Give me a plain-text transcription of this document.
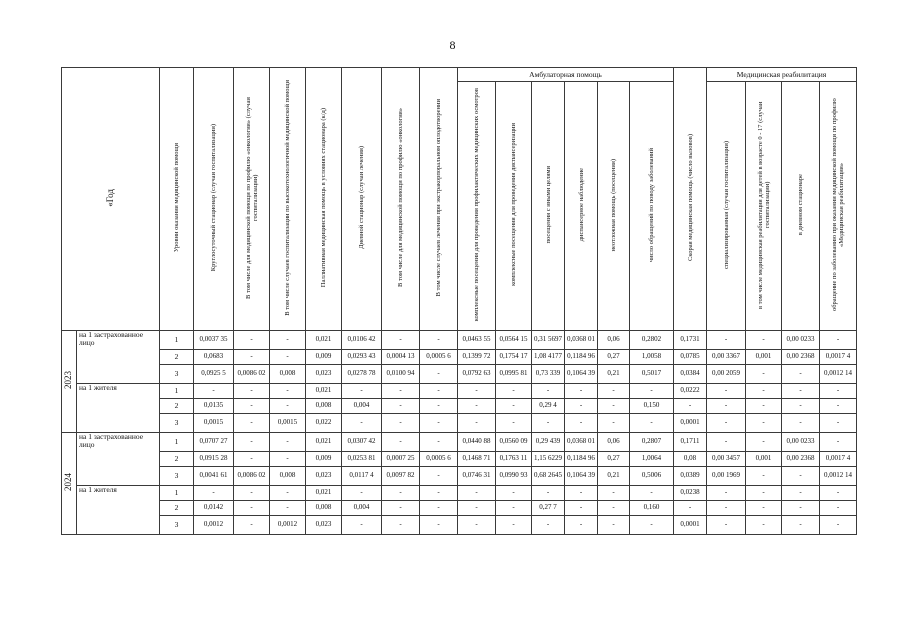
8
«Год		Уровни оказания медицинской помощи	Круглосуточный стационар (случаи госпитализации)	В том числе для медицинской помощи по профилю «онкология» (случаи госпитализации)	В том числе случаев госпитализации по высокотехнологичной медицинской помощи	Паллиативная медицинская помощь в условиях стационара (к/д)	Дневной стационар (случаи лечения)	В том числе для медицинской помощи по профилю «онкология»	В том числе случаев лечения при экстракорпоральном оплодотворении	Амбулаторная помощь						Скорая медицинская помощь (число вызовов)	Медицинская реабилитация			
										комплексные посещения для проведения профилактических медицинских осмотров	комплексные посещения для проведения диспансеризации	посещения с иными целями	диспансерное наблюдение	неотложная помощь (посещения)	число обращений по поводу заболеваний		специализированная (случаи госпитализации)	в том числе медицинская реабилитация для детей в возрасте 0 - 17 (случаи госпитализации)	в дневном стационаре	обращение по заболеванию при оказании медицинской помощи по профилю «Медицинская реабилитация»
2023	на 1 застрахованное лицо	1	0,0037 35	-	-	0,021	0,0106 42	-	-	0,0463 55	0,0564 15	0,31 5697	0,0368 01	0,06	0,2802	0,1731	-	-	0,00 0233	-
		2	0,0683	-	-	0,009	0,0293 43	0,0004 13	0,0005 6	0,1399 72	0,1754 17	1,08 4177	0,1184 96	0,27	1,0058	0,0785	0,00 3367	0,001	0,00 2368	0,0017 4
		3	0,0925 5	0,0086 02	0,008	0,023	0,0278 78	0,0100 94	-	0,0792 63	0,0995 81	0,73 339	0,1064 39	0,21	0,5017	0,0384	0,00 2059	-	-	0,0012 14
	на 1 жителя	1	-	-	-	0,021	-	-	-	-	-	-	-	-	-	0,0222	-	-	-	-
		2	0,0135	-	-	0,008	0,004	-	-	-	-	0,29 4	-	-	0,150	-	-	-	-	-
		3	0,0015	-	0,0015	0,022	-	-	-	-	-	-	-	-	-	0,0001	-	-	-	-
2024	на 1 застрахованное лицо	1	0,0707 27	-	-	0,021	0,0307 42	-	-	0,0440 88	0,0560 09	0,29 439	0,0368 01	0,06	0,2807	0,1711	-	-	0,00 0233	-
		2	0,0915 28	-	-	0,009	0,0253 81	0,0007 25	0,0005 6	0,1468 71	0,1763 11	1,15 6229	0,1184 96	0,27	1,0064	0,08	0,00 3457	0,001	0,00 2368	0,0017 4
		3	0,0041 61	0,0086 02	0,008	0,023	0,0117 4	0,0097 82	-	0,0746 31	0,0990 93	0,68 2645	0,1064 39	0,21	0,5006	0,0389	0,00 1969	-	-	0,0012 14
	на 1 жителя	1	-	-	-	0,021	-	-	-	-	-	-	-	-	-	0,0238	-	-	-	-
		2	0,0142	-	-	0,008	0,004	-	-	-	-	0,27 7	-	-	0,160	-	-	-	-	-
		3	0,0012	-	0,0012	0,023	-	-	-	-	-	-	-	-	-	0,0001	-	-	-	-
